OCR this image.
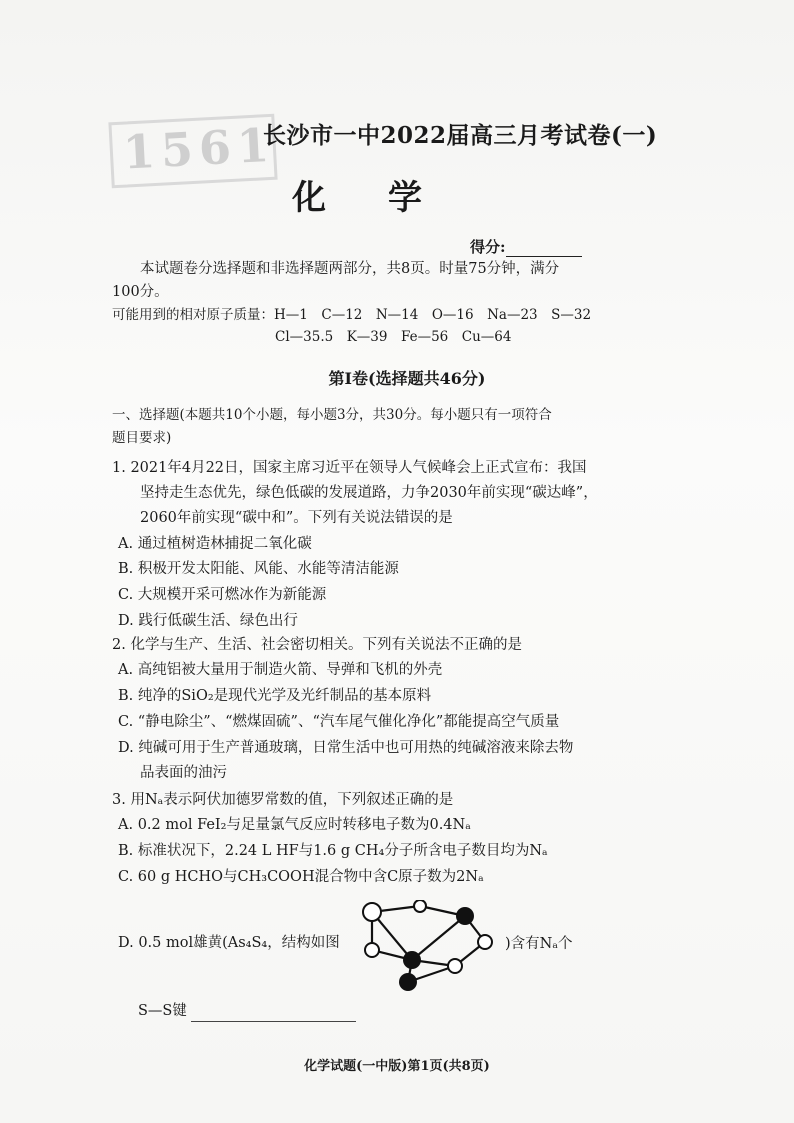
1561
长沙市一中2022届高三月考试卷(一)
化学
得分:
本试题卷分选择题和非选择题两部分，共8页。时量75分钟，满分
100分。
可能用到的相对原子质量：H—1　C—12　N—14　O—16　Na—23　S—32
Cl—35.5　K—39　Fe—56　Cu—64
第Ⅰ卷(选择题共46分)
一、选择题(本题共10个小题，每小题3分，共30分。每小题只有一项符合
题目要求)
1. 2021年4月22日，国家主席习近平在领导人气候峰会上正式宣布：我国
坚持走生态优先，绿色低碳的发展道路，力争2030年前实现“碳达峰”，
2060年前实现“碳中和”。下列有关说法错误的是
A. 通过植树造林捕捉二氧化碳
B. 积极开发太阳能、风能、水能等清洁能源
C. 大规模开采可燃冰作为新能源
D. 践行低碳生活、绿色出行
2. 化学与生产、生活、社会密切相关。下列有关说法不正确的是
A. 高纯铝被大量用于制造火箭、导弹和飞机的外壳
B. 纯净的SiO₂是现代光学及光纤制品的基本原料
C. “静电除尘”、“燃煤固硫”、“汽车尾气催化净化”都能提高空气质量
D. 纯碱可用于生产普通玻璃，日常生活中也可用热的纯碱溶液来除去物
品表面的油污
3. 用Nₐ表示阿伏加德罗常数的值，下列叙述正确的是
A. 0.2 mol FeI₂与足量氯气反应时转移电子数为0.4Nₐ
B. 标准状况下，2.24 L HF与1.6 g CH₄分子所含电子数目均为Nₐ
C. 60 g HCHO与CH₃COOH混合物中含C原子数为2Nₐ
D. 0.5 mol雄黄(As₄S₄，结构如图	)含有Nₐ个
S—S键
化学试题(一中版)第1页(共8页)
